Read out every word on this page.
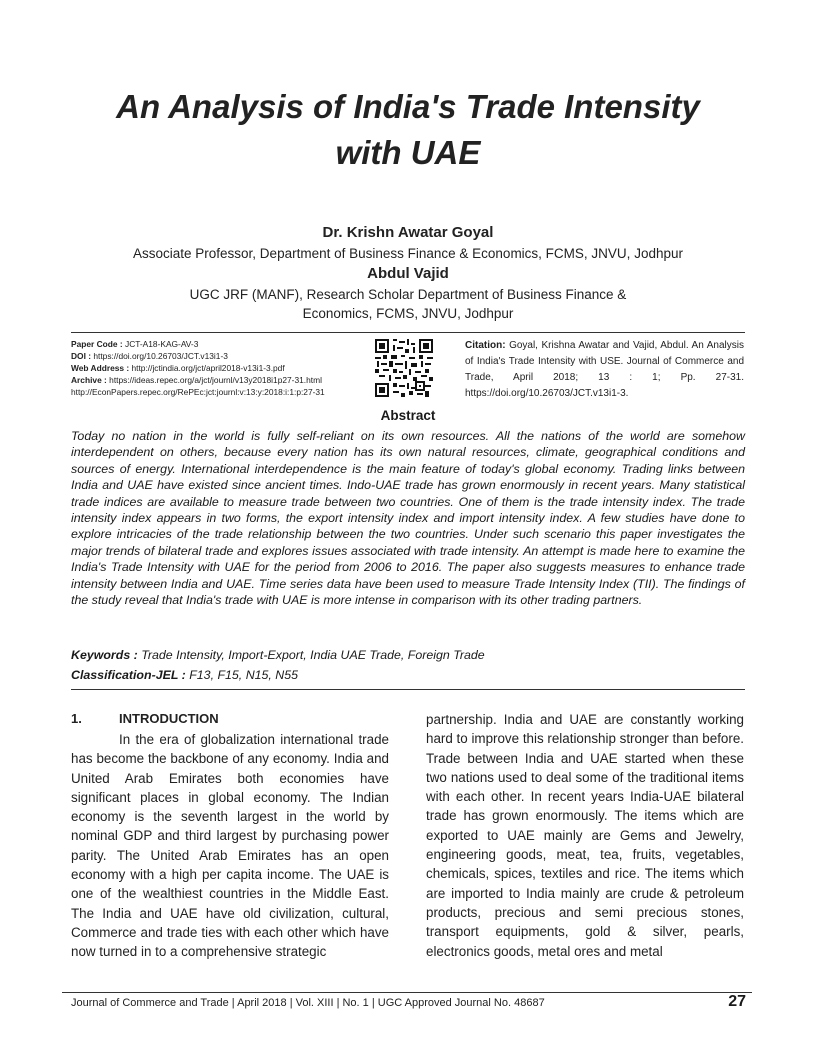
An Analysis of India's Trade Intensity
with UAE
Dr. Krishn Awatar Goyal
Associate Professor, Department of Business Finance & Economics, FCMS, JNVU, Jodhpur
Abdul Vajid
UGC JRF (MANF), Research Scholar Department of Business Finance &
Economics, FCMS, JNVU, Jodhpur
Paper Code : JCT-A18-KAG-AV-3
DOI : https://doi.org/10.26703/JCT.v13i1-3
Web Address : http://jctindia.org/jct/april2018-v13i1-3.pdf
Archive : https://ideas.repec.org/a/jct/journl/v13y2018i1p27-31.html
http://EconPapers.repec.org/RePEc:jct:journl:v:13:y:2018:i:1:p:27-31
Citation: Goyal, Krishna Awatar and Vajid, Abdul. An Analysis of India's Trade Intensity with USE. Journal of Commerce and Trade, April 2018; 13 : 1; Pp. 27-31. https://doi.org/10.26703/JCT.v13i1-3.
Abstract
Today no nation in the world is fully self-reliant on its own resources. All the nations of the world are somehow interdependent on others, because every nation has its own natural resources, climate, geographical conditions and sources of energy. International interdependence is the main feature of today's global economy. Trading links between India and UAE have existed since ancient times. Indo-UAE trade has grown enormously in recent years. Many statistical trade indices are available to measure trade between two countries. One of them is the trade intensity index. The trade intensity index appears in two forms, the export intensity index and import intensity index. A few studies have done to explore intricacies of the trade relationship between the two countries. Under such scenario this paper investigates the major trends of bilateral trade and explores issues associated with trade intensity. An attempt is made here to examine the India's Trade Intensity with UAE for the period from 2006 to 2016. The paper also suggests measures to enhance trade intensity between India and UAE. Time series data have been used to measure Trade Intensity Index (TII). The findings of the study reveal that India's trade with UAE is more intense in comparison with its other trading partners.
Keywords : Trade Intensity, Import-Export, India UAE Trade, Foreign Trade
Classification-JEL : F13, F15, N15, N55
1.	INTRODUCTION
In the era of globalization international trade has become the backbone of any economy. India and United Arab Emirates both economies have significant places in global economy. The Indian economy is the seventh largest in the world by nominal GDP and third largest by purchasing power parity. The United Arab Emirates has an open economy with a high per capita income. The UAE is one of the wealthiest countries in the Middle East. The India and UAE have old civilization, cultural, Commerce and trade ties with each other which have now turned in to a comprehensive strategic
partnership. India and UAE are constantly working hard to improve this relationship stronger than before. Trade between India and UAE started when these two nations used to deal some of the traditional items with each other. In recent years India-UAE bilateral trade has grown enormously. The items which are exported to UAE mainly are Gems and Jewelry, engineering goods, meat, tea, fruits, vegetables, chemicals, spices, textiles and rice. The items which are imported to India mainly are crude & petroleum products, precious and semi precious stones, transport equipments, gold & silver, pearls, electronics goods, metal ores and metal
Journal of Commerce and Trade | April 2018 | Vol. XIII | No. 1 | UGC Approved Journal No. 48687	27
